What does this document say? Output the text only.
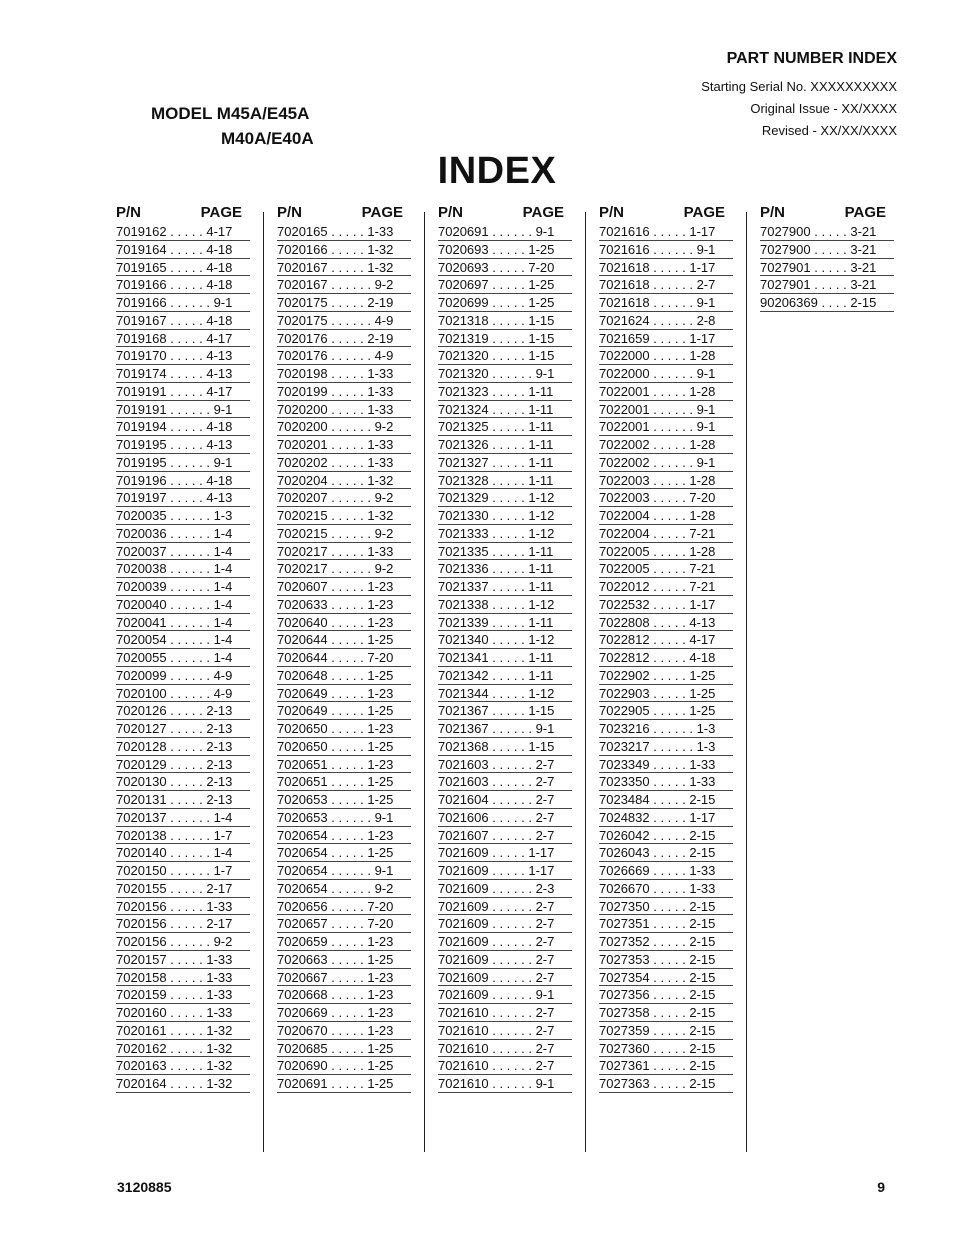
PART NUMBER INDEX
Starting Serial No. XXXXXXXXXX
Original Issue - XX/XXXX
Revised - XX/XX/XXXX
MODEL M45A/E45A
M40A/E40A
INDEX
P/N	PAGE
7019162 . . . . . 4-17
7019164 . . . . . 4-18
7019165 . . . . . 4-18
7019166 . . . . . 4-18
7019166 . . . . . . 9-1
7019167 . . . . . 4-18
7019168 . . . . . 4-17
7019170 . . . . . 4-13
7019174 . . . . . 4-13
7019191 . . . . . 4-17
7019191 . . . . . . 9-1
7019194 . . . . . 4-18
7019195 . . . . . 4-13
7019195 . . . . . . 9-1
7019196 . . . . . 4-18
7019197 . . . . . 4-13
7020035 . . . . . . 1-3
7020036 . . . . . . 1-4
7020037 . . . . . . 1-4
7020038 . . . . . . 1-4
7020039 . . . . . . 1-4
7020040 . . . . . . 1-4
7020041 . . . . . . 1-4
7020054 . . . . . . 1-4
7020055 . . . . . . 1-4
7020099 . . . . . . 4-9
7020100 . . . . . . 4-9
7020126 . . . . . 2-13
7020127 . . . . . 2-13
7020128 . . . . . 2-13
7020129 . . . . . 2-13
7020130 . . . . . 2-13
7020131 . . . . . 2-13
7020137 . . . . . . 1-4
7020138 . . . . . . 1-7
7020140 . . . . . . 1-4
7020150 . . . . . . 1-7
7020155 . . . . . 2-17
7020156 . . . . . 1-33
7020156 . . . . . 2-17
7020156 . . . . . . 9-2
7020157 . . . . . 1-33
7020158 . . . . . 1-33
7020159 . . . . . 1-33
7020160 . . . . . 1-33
7020161 . . . . . 1-32
7020162 . . . . . 1-32
7020163 . . . . . 1-32
7020164 . . . . . 1-32
P/N	PAGE
7020165 . . . . . 1-33
7020166 . . . . . 1-32
7020167 . . . . . 1-32
7020167 . . . . . . 9-2
7020175 . . . . . 2-19
7020175 . . . . . . 4-9
7020176 . . . . . 2-19
7020176 . . . . . . 4-9
7020198 . . . . . 1-33
7020199 . . . . . 1-33
7020200 . . . . . 1-33
7020200 . . . . . . 9-2
7020201 . . . . . 1-33
7020202 . . . . . 1-33
7020204 . . . . . 1-32
7020207 . . . . . . 9-2
7020215 . . . . . 1-32
7020215 . . . . . . 9-2
7020217 . . . . . 1-33
7020217 . . . . . . 9-2
7020607 . . . . . 1-23
7020633 . . . . . 1-23
7020640 . . . . . 1-23
7020644 . . . . . 1-25
7020644 . . . . . 7-20
7020648 . . . . . 1-25
7020649 . . . . . 1-23
7020649 . . . . . 1-25
7020650 . . . . . 1-23
7020650 . . . . . 1-25
7020651 . . . . . 1-23
7020651 . . . . . 1-25
7020653 . . . . . 1-25
7020653 . . . . . . 9-1
7020654 . . . . . 1-23
7020654 . . . . . 1-25
7020654 . . . . . . 9-1
7020654 . . . . . . 9-2
7020656 . . . . . 7-20
7020657 . . . . . 7-20
7020659 . . . . . 1-23
7020663 . . . . . 1-25
7020667 . . . . . 1-23
7020668 . . . . . 1-23
7020669 . . . . . 1-23
7020670 . . . . . 1-23
7020685 . . . . . 1-25
7020690 . . . . . 1-25
7020691 . . . . . 1-25
P/N	PAGE
7020691 . . . . . . 9-1
7020693 . . . . . 1-25
7020693 . . . . . 7-20
7020697 . . . . . 1-25
7020699 . . . . . 1-25
7021318 . . . . . 1-15
7021319 . . . . . 1-15
7021320 . . . . . 1-15
7021320 . . . . . . 9-1
7021323 . . . . . 1-11
7021324 . . . . . 1-11
7021325 . . . . . 1-11
7021326 . . . . . 1-11
7021327 . . . . . 1-11
7021328 . . . . . 1-11
7021329 . . . . . 1-12
7021330 . . . . . 1-12
7021333 . . . . . 1-12
7021335 . . . . . 1-11
7021336 . . . . . 1-11
7021337 . . . . . 1-11
7021338 . . . . . 1-12
7021339 . . . . . 1-11
7021340 . . . . . 1-12
7021341 . . . . . 1-11
7021342 . . . . . 1-11
7021344 . . . . . 1-12
7021367 . . . . . 1-15
7021367 . . . . . . 9-1
7021368 . . . . . 1-15
7021603 . . . . . . 2-7
7021603 . . . . . . 2-7
7021604 . . . . . . 2-7
7021606 . . . . . . 2-7
7021607 . . . . . . 2-7
7021609 . . . . . 1-17
7021609 . . . . . 1-17
7021609 . . . . . . 2-3
7021609 . . . . . . 2-7
7021609 . . . . . . 2-7
7021609 . . . . . . 2-7
7021609 . . . . . . 2-7
7021609 . . . . . . 2-7
7021609 . . . . . . 9-1
7021610 . . . . . . 2-7
7021610 . . . . . . 2-7
7021610 . . . . . . 2-7
7021610 . . . . . . 2-7
7021610 . . . . . . 9-1
P/N	PAGE
7021616 . . . . . 1-17
7021616 . . . . . . 9-1
7021618 . . . . . 1-17
7021618 . . . . . . 2-7
7021618 . . . . . . 9-1
7021624 . . . . . . 2-8
7021659 . . . . . 1-17
7022000 . . . . . 1-28
7022000 . . . . . . 9-1
7022001 . . . . . 1-28
7022001 . . . . . . 9-1
7022001 . . . . . . 9-1
7022002 . . . . . 1-28
7022002 . . . . . . 9-1
7022003 . . . . . 1-28
7022003 . . . . . 7-20
7022004 . . . . . 1-28
7022004 . . . . . 7-21
7022005 . . . . . 1-28
7022005 . . . . . 7-21
7022012 . . . . . 7-21
7022532 . . . . . 1-17
7022808 . . . . . 4-13
7022812 . . . . . 4-17
7022812 . . . . . 4-18
7022902 . . . . . 1-25
7022903 . . . . . 1-25
7022905 . . . . . 1-25
7023216 . . . . . . 1-3
7023217 . . . . . . 1-3
7023349 . . . . . 1-33
7023350 . . . . . 1-33
7023484 . . . . . 2-15
7024832 . . . . . 1-17
7026042 . . . . . 2-15
7026043 . . . . . 2-15
7026669 . . . . . 1-33
7026670 . . . . . 1-33
7027350 . . . . . 2-15
7027351 . . . . . 2-15
7027352 . . . . . 2-15
7027353 . . . . . 2-15
7027354 . . . . . 2-15
7027356 . . . . . 2-15
7027358 . . . . . 2-15
7027359 . . . . . 2-15
7027360 . . . . . 2-15
7027361 . . . . . 2-15
7027363 . . . . . 2-15
P/N	PAGE
7027900 . . . . . 3-21
7027900 . . . . . 3-21
7027901 . . . . . 3-21
7027901 . . . . . 3-21
90206369 . . . . 2-15
3120885	9
